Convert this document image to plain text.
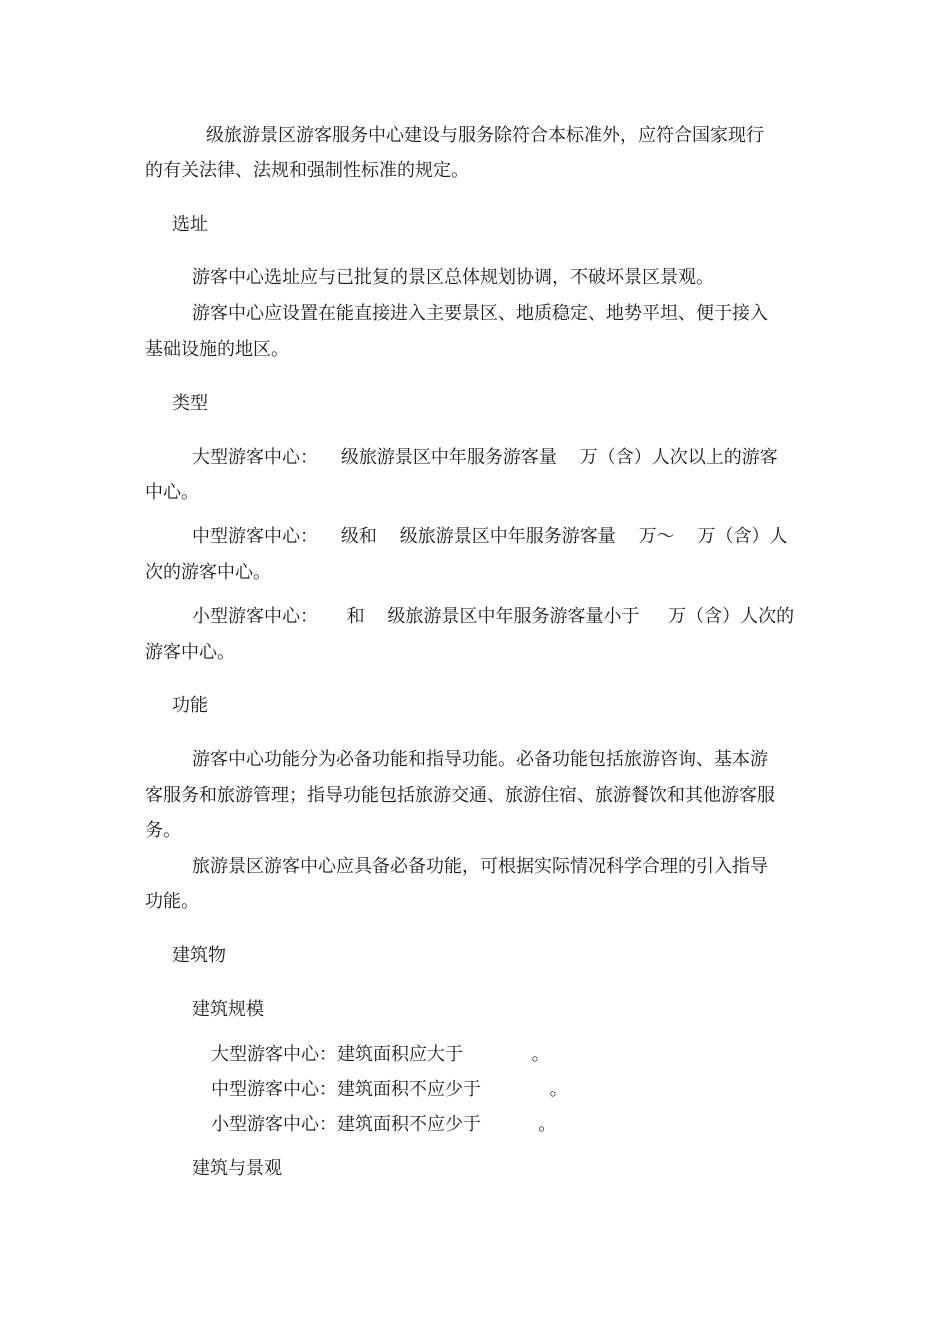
级旅游景区游客服务中心建设与服务除符合本标准外，应符合国家现行

的有关法律、法规和强制性标准的规定。

选址

游客中心选址应与已批复的景区总体规划协调，不破坏景区景观。

游客中心应设置在能直接进入主要景区、地质稳定、地势平坦、便于接入

基础设施的地区。

类型

大型游客中心：    级旅游景区中年服务游客量    万（含）人次以上的游客

中心。

中型游客中心：    级和    级旅游景区中年服务游客量    万～    万（含）人

次的游客中心。

小型游客中心：     和    级旅游景区中年服务游客量小于     万（含）人次的

游客中心。

功能

游客中心功能分为必备功能和指导功能。必备功能包括旅游咨询、基本游

客服务和旅游管理；指导功能包括旅游交通、旅游住宿、旅游餐饮和其他游客服

务。

旅游景区游客中心应具备必备功能，可根据实际情况科学合理的引入指导

功能。

建筑物

建筑规模

大型游客中心：建筑面积应大于            。

中型游客中心：建筑面积不应少于            。

小型游客中心：建筑面积不应少于          。

建筑与景观
